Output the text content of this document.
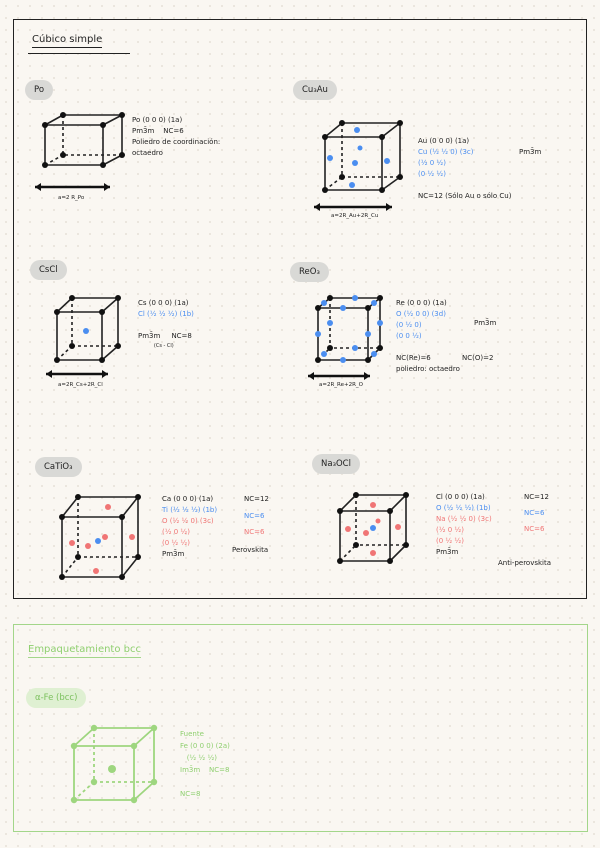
Cúbico simple
Po
a=2 R_Po
Po (0 0 0) (1a)
Pm3̄m    NC=6
Poliedro de coordinación:
octaedro
Cu₃Au
a=2R_Au+2R_Cu
Au (0 0 0) (1a)
Cu (½ ½ 0) (3c)
(½ 0 ½)
(0 ½ ½)

NC=12 (Sólo Au o sólo Cu)
Pm3̄m
CsCl
a=2R_Cs+2R_Cl
Cs (0 0 0) (1a)
Cl (½ ½ ½) (1b)

Pm3̄m     NC=8
(Cs - Cl)
ReO₃
a=2R_Re+2R_O
Re (0 0 0) (1a)
O (½ 0 0) (3d)
(0 ½ 0)
(0 0 ½)

NC(Re)=6
poliedro: octaedro
Pm3̄m
NC(O)=2
CaTiO₃
Ca (0 0 0) (1a)
Ti (½ ½ ½) (1b)
O (½ ½ 0) (3c)
(½ 0 ½)
(0 ½ ½)
Pm3̄m
NC=12
NC=6
NC=6
Perovskita
Na₃OCl
Cl (0 0 0) (1a)
O (½ ½ ½) (1b)
Na (½ ½ 0) (3c)
(½ 0 ½)
(0 ½ ½)
Pm3̄m
NC=12
NC=6
NC=6
Anti-perovskita
Empaquetamiento bcc
α-Fe (bcc)
Fuente
Fe (0 0 0) (2a)
(½ ½ ½)
Im3̄m    NC=8

NC=8
